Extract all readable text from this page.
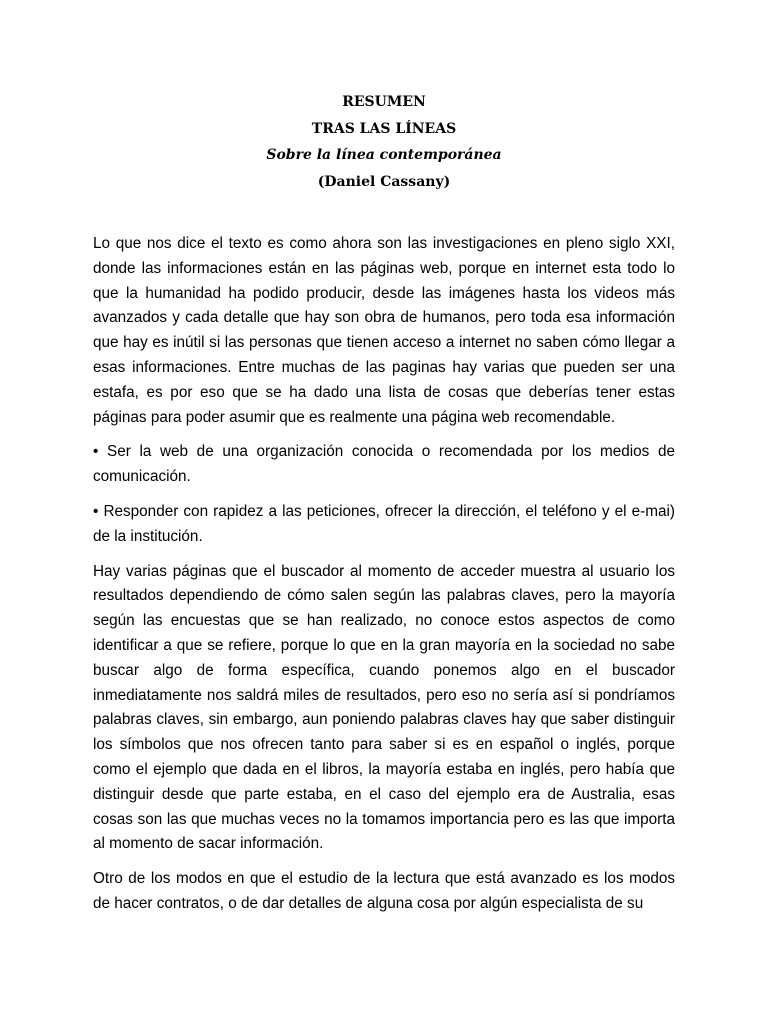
RESUMEN
TRAS LAS LÍNEAS
Sobre la línea contemporánea
(Daniel Cassany)

Lo que nos dice el texto es como ahora son las investigaciones en pleno siglo XXI, donde las informaciones están en las páginas web, porque en internet esta todo lo que la humanidad ha podido producir, desde las imágenes hasta los videos más avanzados y cada detalle que hay son obra de humanos, pero toda esa información que hay es inútil si las personas que tienen acceso a internet no saben cómo llegar a esas informaciones. Entre muchas de las paginas hay varias que pueden ser una estafa, es por eso que se ha dado una lista de cosas que deberías tener estas páginas para poder asumir que es realmente una página web recomendable.

• Ser la web de una organización conocida o recomendada por los medios de comunicación.

• Responder con rapidez a las peticiones, ofrecer la dirección, el teléfono y el e-mai) de la institución.

Hay varias páginas que el buscador al momento de acceder muestra al usuario los resultados dependiendo de cómo salen según las palabras claves, pero la mayoría según las encuestas que se han realizado, no conoce estos aspectos de como identificar a que se refiere, porque lo que en la gran mayoría en la sociedad no sabe buscar algo de forma específica, cuando ponemos algo en el buscador inmediatamente nos saldrá miles de resultados, pero eso no sería así si pondríamos palabras claves, sin embargo, aun poniendo palabras claves hay que saber distinguir los símbolos que nos ofrecen tanto para saber si es en español o inglés, porque como el ejemplo que dada en el libros, la mayoría estaba en inglés, pero había que distinguir desde que parte estaba, en el caso del ejemplo era de Australia, esas cosas son las que muchas veces no la tomamos importancia pero es las que importa al momento de sacar información.

Otro de los modos en que el estudio de la lectura que está avanzado es los modos de hacer contratos, o de dar detalles de alguna cosa por algún especialista de su
